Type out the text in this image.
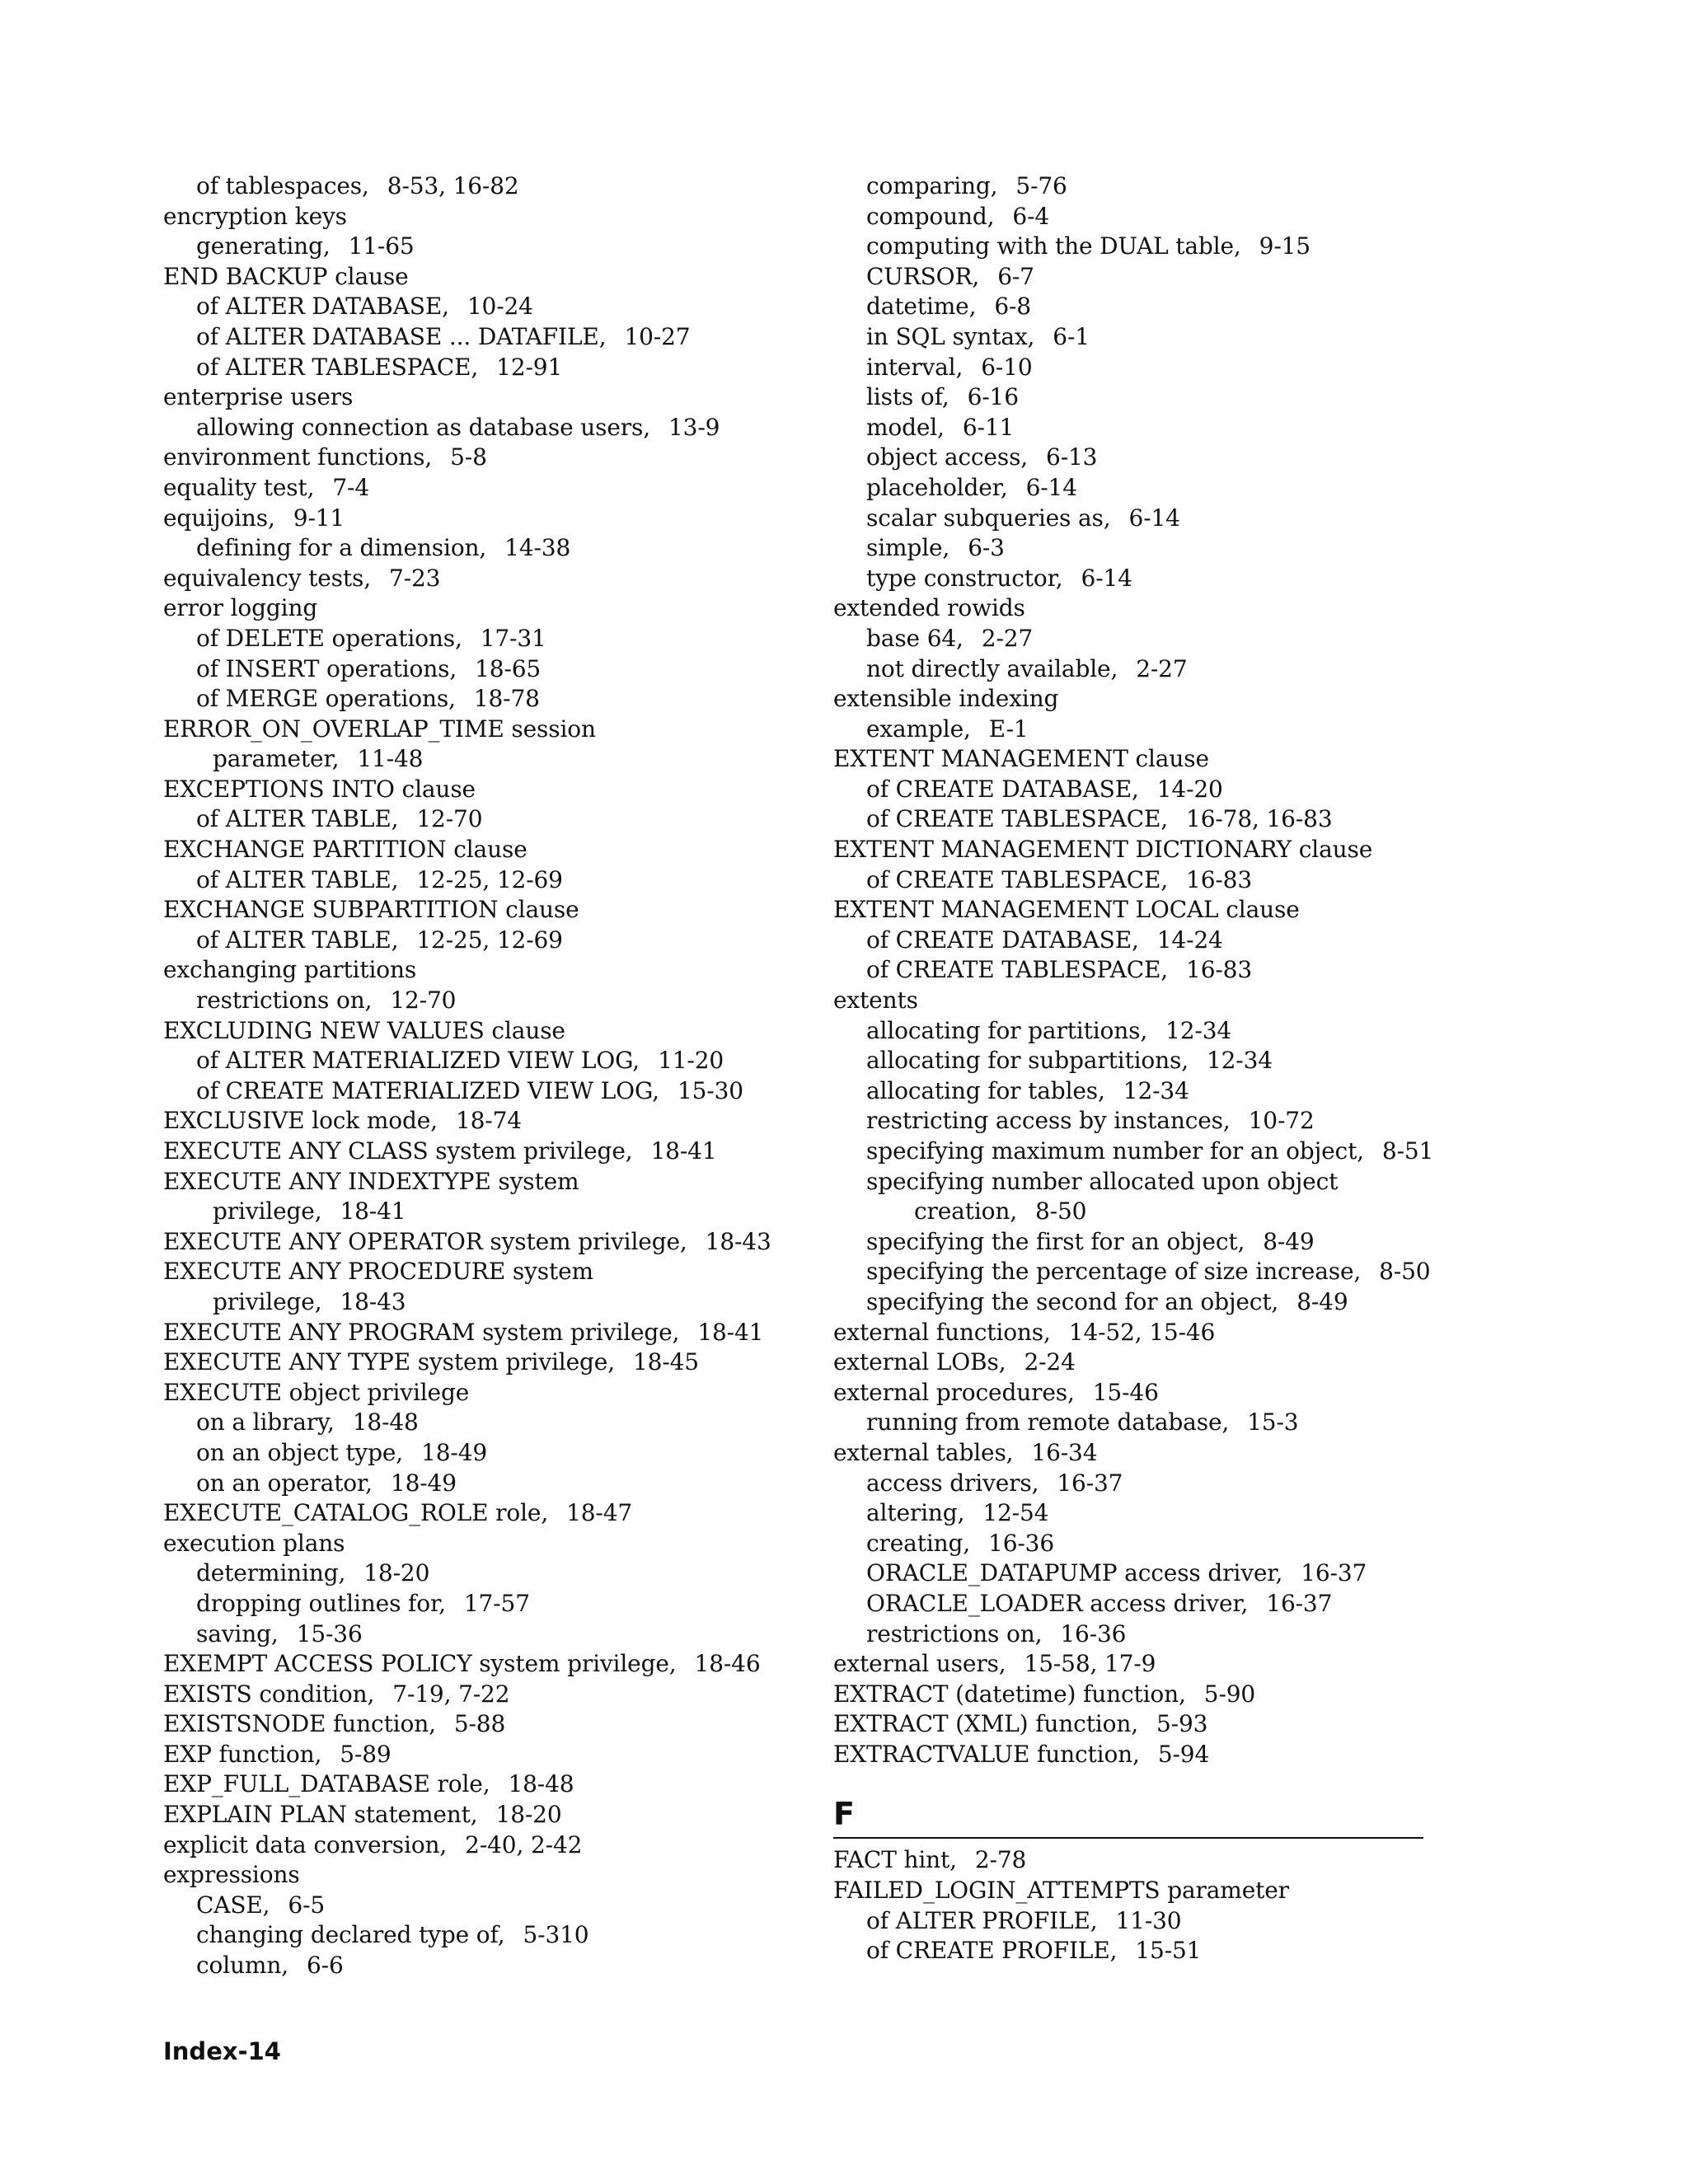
of tablespaces, 8-53, 16-82
encryption keys
generating, 11-65
END BACKUP clause
of ALTER DATABASE, 10-24
of ALTER DATABASE ... DATAFILE, 10-27
of ALTER TABLESPACE, 12-91
enterprise users
allowing connection as database users, 13-9
environment functions, 5-8
equality test, 7-4
equijoins, 9-11
defining for a dimension, 14-38
equivalency tests, 7-23
error logging
of DELETE operations, 17-31
of INSERT operations, 18-65
of MERGE operations, 18-78
ERROR_ON_OVERLAP_TIME session
parameter, 11-48
EXCEPTIONS INTO clause
of ALTER TABLE, 12-70
EXCHANGE PARTITION clause
of ALTER TABLE, 12-25, 12-69
EXCHANGE SUBPARTITION clause
of ALTER TABLE, 12-25, 12-69
exchanging partitions
restrictions on, 12-70
EXCLUDING NEW VALUES clause
of ALTER MATERIALIZED VIEW LOG, 11-20
of CREATE MATERIALIZED VIEW LOG, 15-30
EXCLUSIVE lock mode, 18-74
EXECUTE ANY CLASS system privilege, 18-41
EXECUTE ANY INDEXTYPE system
privilege, 18-41
EXECUTE ANY OPERATOR system privilege, 18-43
EXECUTE ANY PROCEDURE system
privilege, 18-43
EXECUTE ANY PROGRAM system privilege, 18-41
EXECUTE ANY TYPE system privilege, 18-45
EXECUTE object privilege
on a library, 18-48
on an object type, 18-49
on an operator, 18-49
EXECUTE_CATALOG_ROLE role, 18-47
execution plans
determining, 18-20
dropping outlines for, 17-57
saving, 15-36
EXEMPT ACCESS POLICY system privilege, 18-46
EXISTS condition, 7-19, 7-22
EXISTSNODE function, 5-88
EXP function, 5-89
EXP_FULL_DATABASE role, 18-48
EXPLAIN PLAN statement, 18-20
explicit data conversion, 2-40, 2-42
expressions
CASE, 6-5
changing declared type of, 5-310
column, 6-6
comparing, 5-76
compound, 6-4
computing with the DUAL table, 9-15
CURSOR, 6-7
datetime, 6-8
in SQL syntax, 6-1
interval, 6-10
lists of, 6-16
model, 6-11
object access, 6-13
placeholder, 6-14
scalar subqueries as, 6-14
simple, 6-3
type constructor, 6-14
extended rowids
base 64, 2-27
not directly available, 2-27
extensible indexing
example, E-1
EXTENT MANAGEMENT clause
of CREATE DATABASE, 14-20
of CREATE TABLESPACE, 16-78, 16-83
EXTENT MANAGEMENT DICTIONARY clause
of CREATE TABLESPACE, 16-83
EXTENT MANAGEMENT LOCAL clause
of CREATE DATABASE, 14-24
of CREATE TABLESPACE, 16-83
extents
allocating for partitions, 12-34
allocating for subpartitions, 12-34
allocating for tables, 12-34
restricting access by instances, 10-72
specifying maximum number for an object, 8-51
specifying number allocated upon object
creation, 8-50
specifying the first for an object, 8-49
specifying the percentage of size increase, 8-50
specifying the second for an object, 8-49
external functions, 14-52, 15-46
external LOBs, 2-24
external procedures, 15-46
running from remote database, 15-3
external tables, 16-34
access drivers, 16-37
altering, 12-54
creating, 16-36
ORACLE_DATAPUMP access driver, 16-37
ORACLE_LOADER access driver, 16-37
restrictions on, 16-36
external users, 15-58, 17-9
EXTRACT (datetime) function, 5-90
EXTRACT (XML) function, 5-93
EXTRACTVALUE function, 5-94
F
FACT hint, 2-78
FAILED_LOGIN_ATTEMPTS parameter
of ALTER PROFILE, 11-30
of CREATE PROFILE, 15-51
Index-14
